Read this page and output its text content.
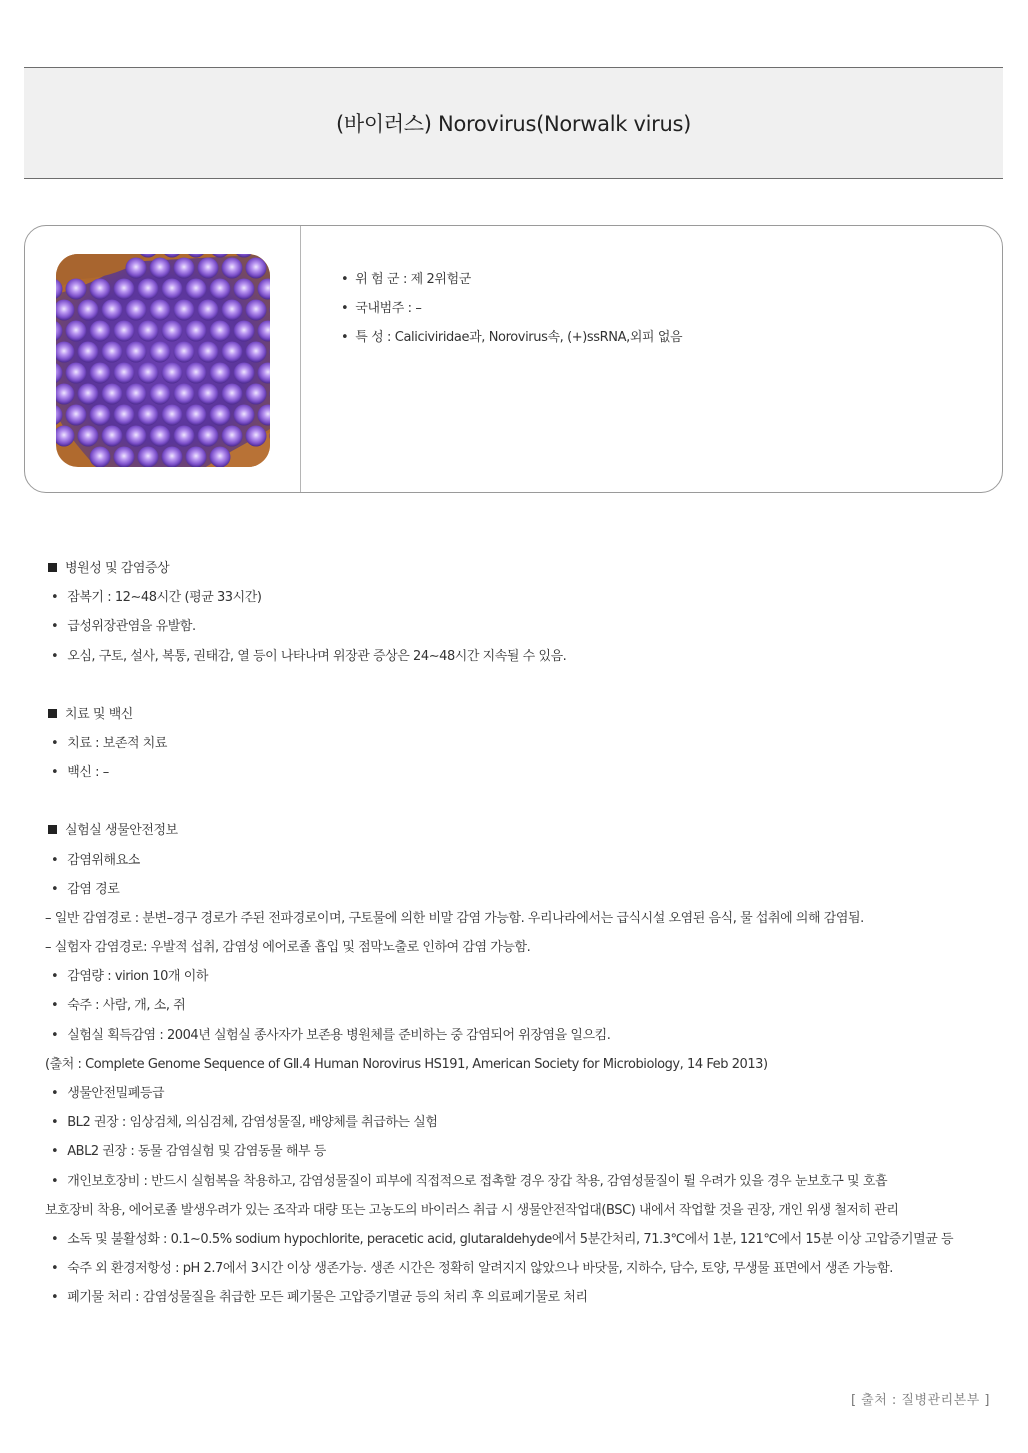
(바이러스) Norovirus(Norwalk virus)
• 위 험 군 : 제 2위험군
• 국내범주 : –
• 특 성 : Caliciviridae과, Norovirus속, (+)ssRNA,외피 없음
병원성 및 감염증상
• 잠복기 : 12∼48시간 (평균 33시간)
• 급성위장관염을 유발함.
• 오심, 구토, 설사, 복통, 권태감, 열 등이 나타나며 위장관 증상은 24∼48시간 지속될 수 있음.
치료 및 백신
• 치료 : 보존적 치료
• 백신 : –
실험실 생물안전정보
• 감염위해요소
• 감염 경로
– 일반 감염경로 : 분변–경구 경로가 주된 전파경로이며, 구토물에 의한 비말 감염 가능함. 우리나라에서는 급식시설 오염된 음식, 물 섭취에 의해 감염됨.
– 실험자 감염경로: 우발적 섭취, 감염성 에어로졸 흡입 및 점막노출로 인하여 감염 가능함.
• 감염량 : virion 10개 이하
• 숙주 : 사람, 개, 소, 쥐
• 실험실 획득감염 : 2004년 실험실 종사자가 보존용 병원체를 준비하는 중 감염되어 위장염을 일으킴.
(출처 : Complete Genome Sequence of GⅡ.4 Human Norovirus HS191, American Society for Microbiology, 14 Feb 2013)
• 생물안전밀폐등급
• BL2 권장 : 임상검체, 의심검체, 감염성물질, 배양체를 취급하는 실험
• ABL2 권장 : 동물 감염실험 및 감염동물 해부 등
• 개인보호장비 : 반드시 실험복을 착용하고, 감염성물질이 피부에 직접적으로 접촉할 경우 장갑 착용, 감염성물질이 튈 우려가 있을 경우 눈보호구 및 호흡
보호장비 착용, 에어로졸 발생우려가 있는 조작과 대량 또는 고농도의 바이러스 취급 시 생물안전작업대(BSC) 내에서 작업할 것을 권장, 개인 위생 철저히 관리
• 소독 및 불활성화 : 0.1∼0.5% sodium hypochlorite, peracetic acid, glutaraldehyde에서 5분간처리, 71.3℃에서 1분, 121℃에서 15분 이상 고압증기멸균 등
• 숙주 외 환경저항성 : pH 2.7에서 3시간 이상 생존가능. 생존 시간은 정확히 알려지지 않았으나 바닷물, 지하수, 담수, 토양, 무생물 표면에서 생존 가능함.
• 폐기물 처리 : 감염성물질을 취급한 모든 폐기물은 고압증기멸균 등의 처리 후 의료폐기물로 처리
[ 출처 : 질병관리본부 ]
